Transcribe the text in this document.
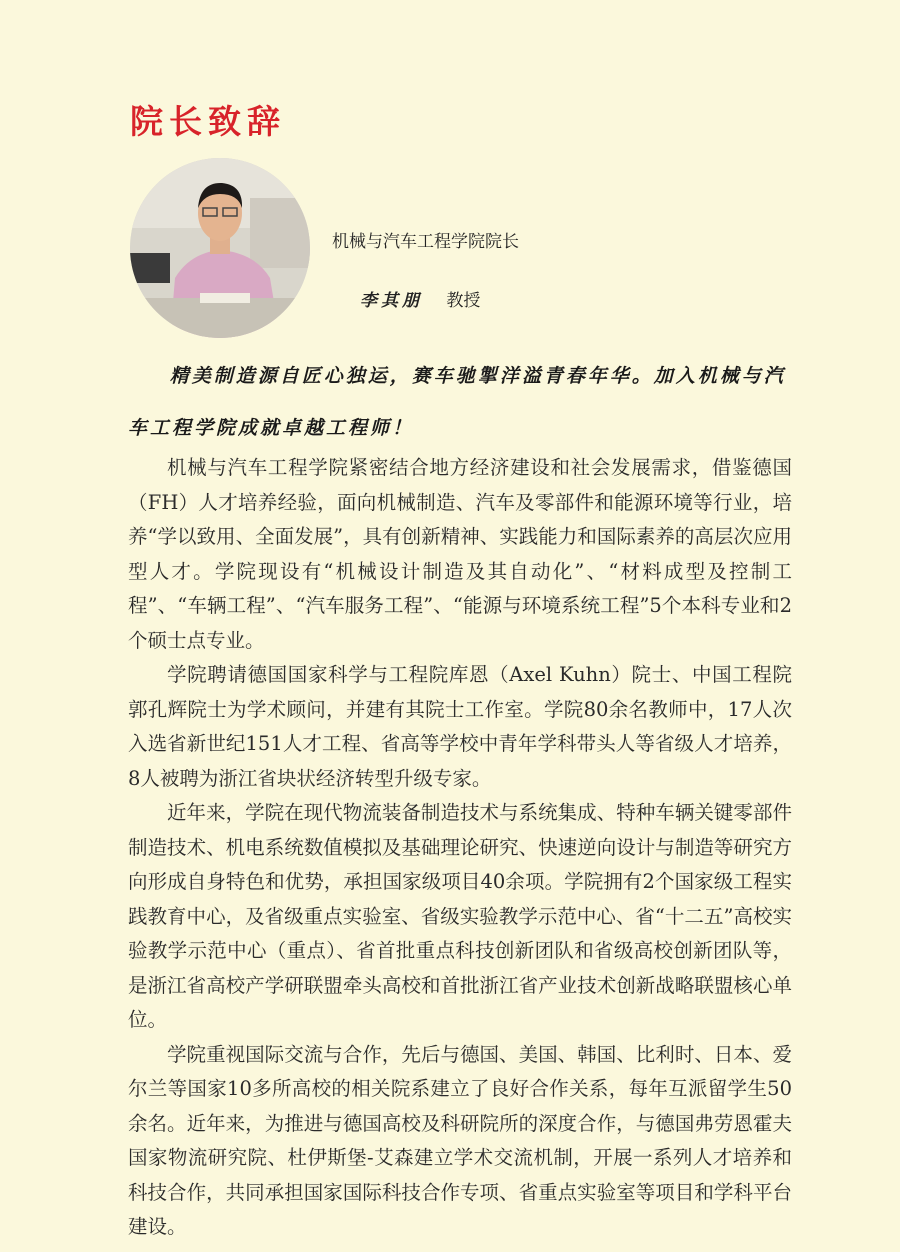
院长致辞
机械与汽车工程学院院长
李其朋 教授
精美制造源自匠心独运，赛车驰掣洋溢青春年华。加入机械与汽车工程学院成就卓越工程师！

机械与汽车工程学院紧密结合地方经济建设和社会发展需求，借鉴德国（FH）人才培养经验，面向机械制造、汽车及零部件和能源环境等行业，培养“学以致用、全面发展”，具有创新精神、实践能力和国际素养的高层次应用型人才。学院现设有“机械设计制造及其自动化”、“材料成型及控制工程”、“车辆工程”、“汽车服务工程”、“能源与环境系统工程”5个本科专业和2个硕士点专业。

学院聘请德国国家科学与工程院库恩（Axel Kuhn）院士、中国工程院郭孔辉院士为学术顾问，并建有其院士工作室。学院80余名教师中，17人次入选省新世纪151人才工程、省高等学校中青年学科带头人等省级人才培养，8人被聘为浙江省块状经济转型升级专家。

近年来，学院在现代物流装备制造技术与系统集成、特种车辆关键零部件制造技术、机电系统数值模拟及基础理论研究、快速逆向设计与制造等研究方向形成自身特色和优势，承担国家级项目40余项。学院拥有2个国家级工程实践教育中心，及省级重点实验室、省级实验教学示范中心、省“十二五”高校实验教学示范中心（重点）、省首批重点科技创新团队和省级高校创新团队等，是浙江省高校产学研联盟牵头高校和首批浙江省产业技术创新战略联盟核心单位。

学院重视国际交流与合作，先后与德国、美国、韩国、比利时、日本、爱尔兰等国家10多所高校的相关院系建立了良好合作关系，每年互派留学生50余名。近年来，为推进与德国高校及科研院所的深度合作，与德国弗劳恩霍夫国家物流研究院、杜伊斯堡-艾森建立学术交流机制，开展一系列人才培养和科技合作，共同承担国家国际科技合作专项、省重点实验室等项目和学科平台建设。
